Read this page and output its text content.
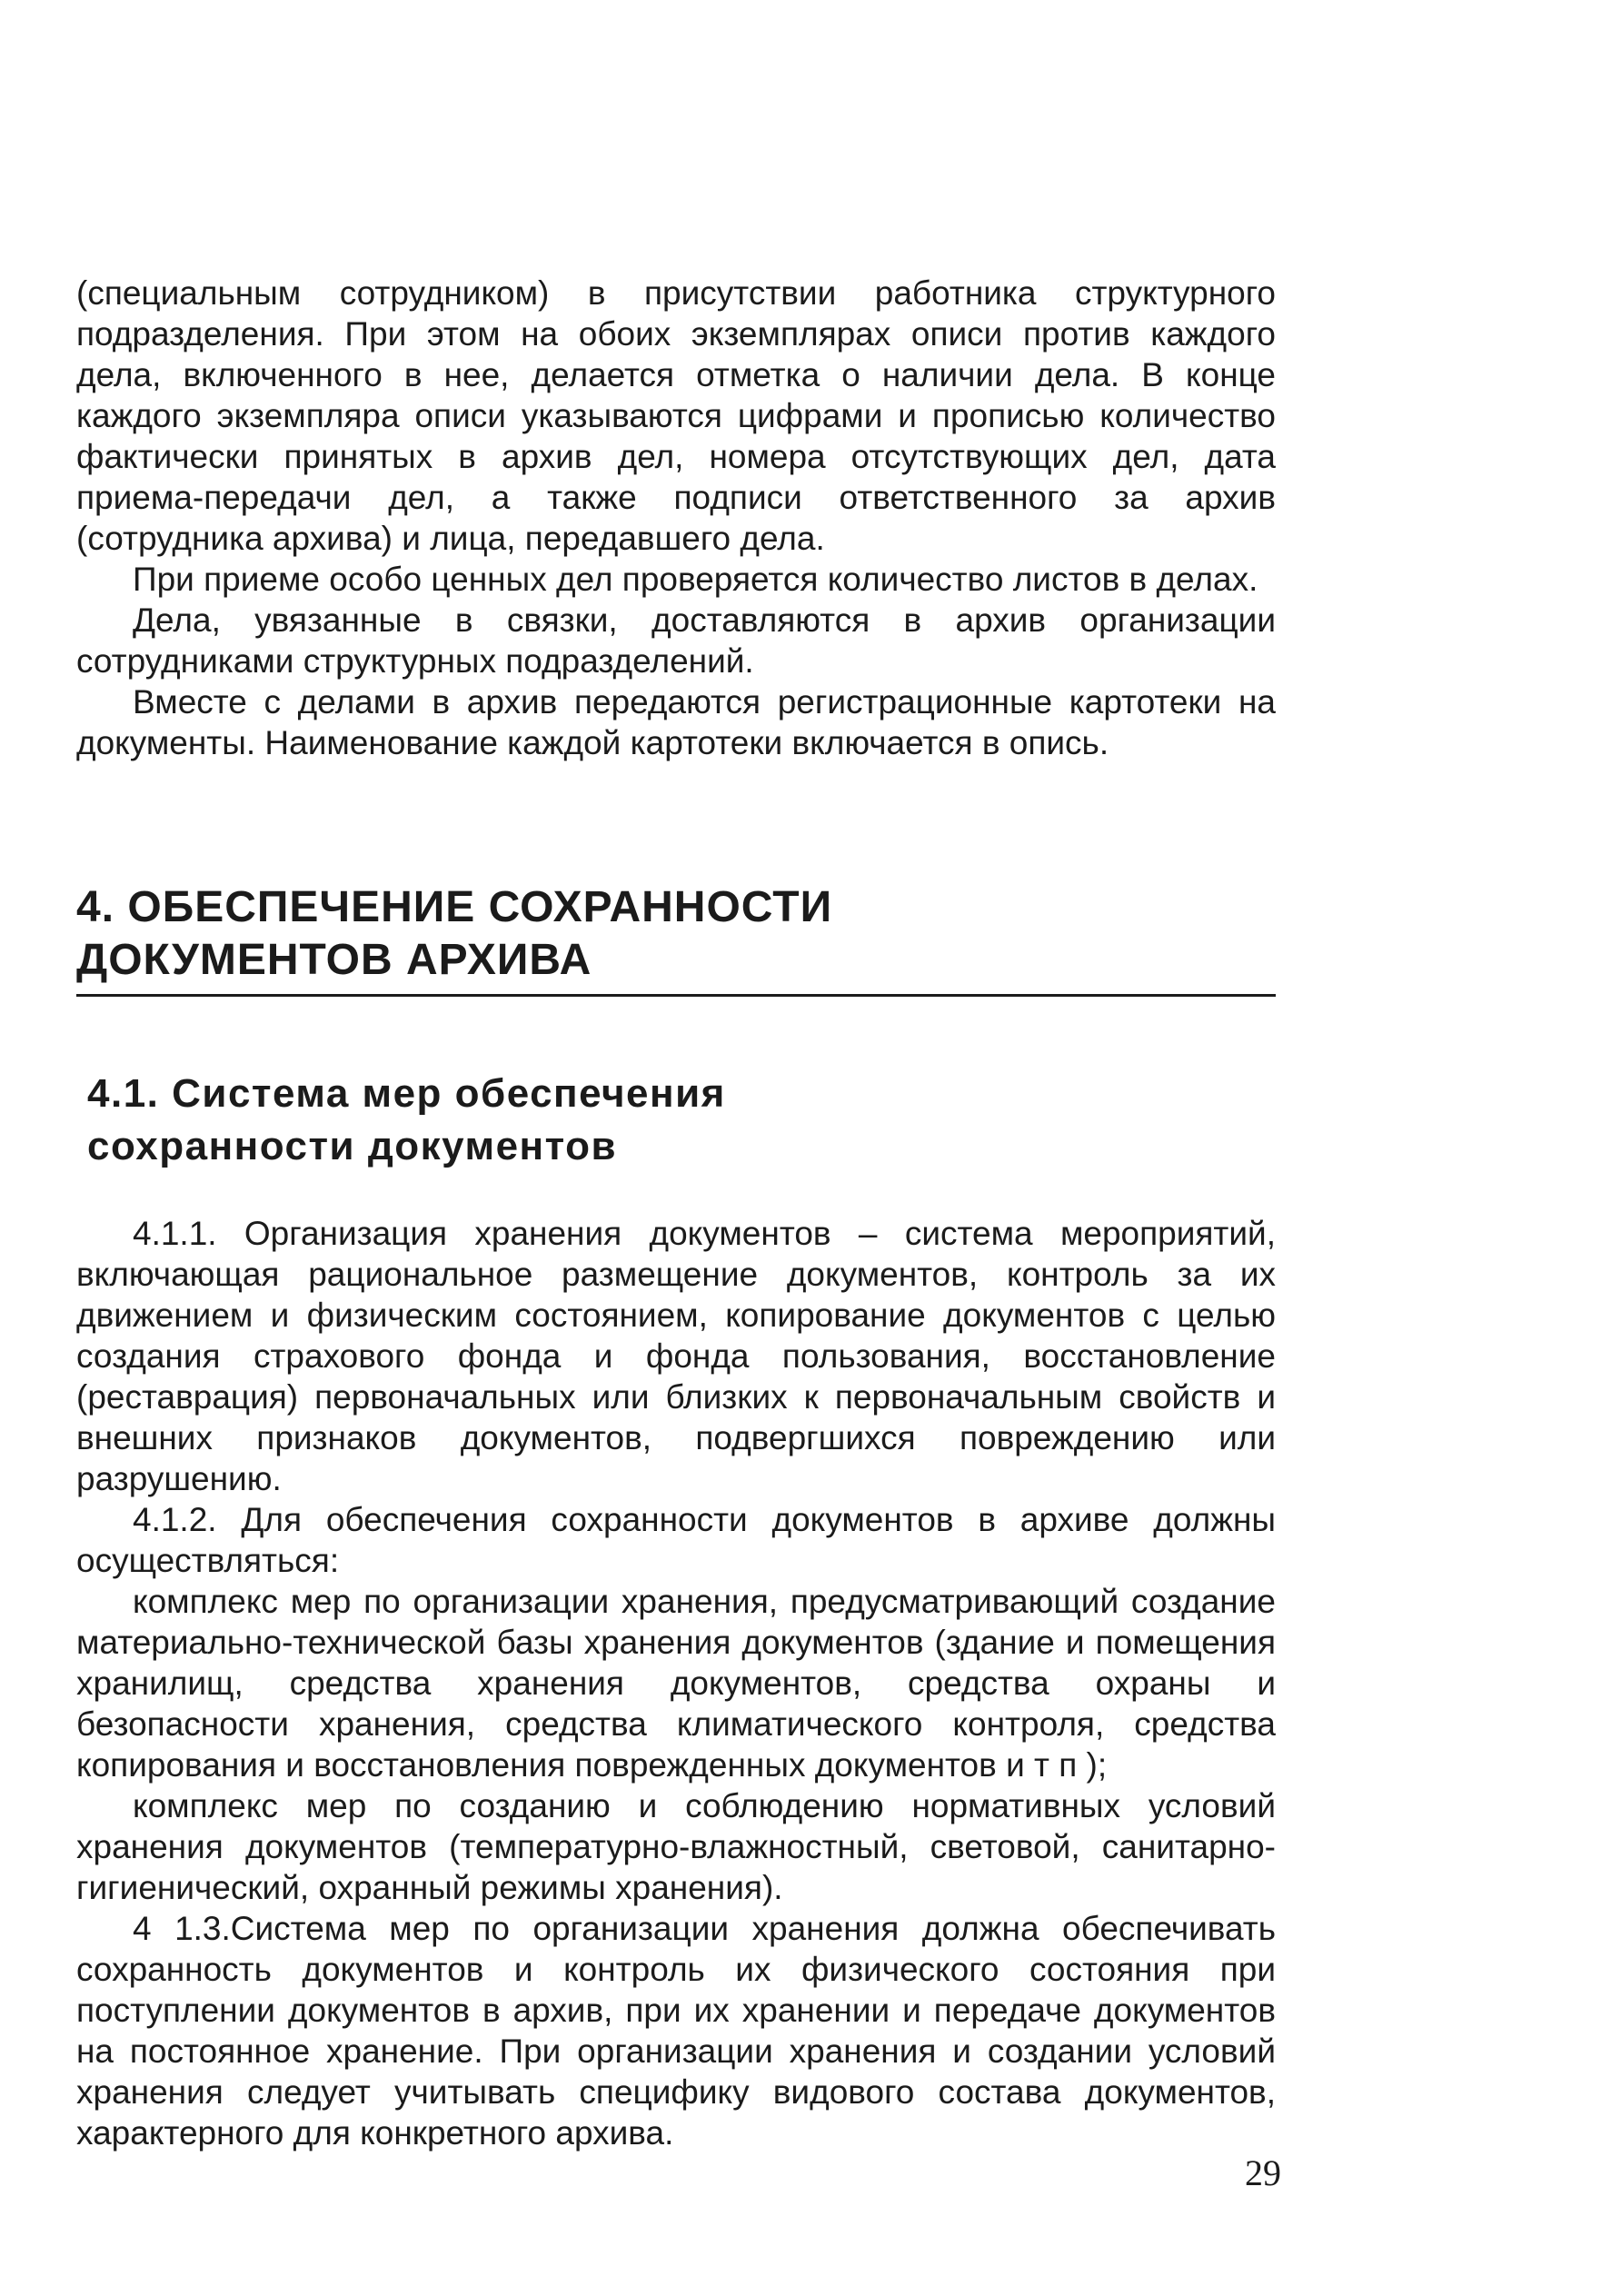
(специальным сотрудником) в присутствии работника структурного подразделения. При этом на обоих экземплярах описи против каждого дела, включенного в нее, делается отметка о наличии дела. В конце каждого экземпляра описи указываются цифрами и прописью количество фактически принятых в архив дел, номера отсутствующих дел, дата приема-передачи дел, а также подписи ответственного за архив (сотрудника архива) и лица, передавшего дела.

При приеме особо ценных дел проверяется количество листов в делах.

Дела, увязанные в связки, доставляются в архив организации сотрудниками структурных подразделений.

Вместе с делами в архив передаются регистрационные картотеки на документы. Наименование каждой картотеки включается в опись.

4. ОБЕСПЕЧЕНИЕ СОХРАННОСТИ
ДОКУМЕНТОВ АРХИВА
4.1. Система мер обеспечения
сохранности документов

4.1.1. Организация хранения документов – система мероприятий, включающая рациональное размещение документов, контроль за их движением и физическим состоянием, копирование документов с целью создания страхового фонда и фонда пользования, восстановление (реставрация) первоначальных или близких к первоначальным свойств и внешних признаков документов, подвергшихся повреждению или разрушению.

4.1.2. Для обеспечения сохранности документов в архиве должны осуществляться:

комплекс мер по организации хранения, предусматривающий создание материально-технической базы хранения документов (здание и помещения хранилищ, средства хранения документов, средства охраны и безопасности хранения, средства климатического контроля, средства копирования и восстановления поврежденных документов и т п );

комплекс мер по созданию и соблюдению нормативных условий хранения документов (температурно-влажностный, световой, санитарно-гигиенический, охранный режимы хранения).

4 1.3.Система мер по организации хранения должна обеспечивать сохранность документов и контроль их физического состояния при поступлении документов в архив, при их хранении и передаче документов на постоянное хранение. При организации хранения и создании условий хранения следует учитывать специфику видового состава документов, характерного для конкретного архива.

29
